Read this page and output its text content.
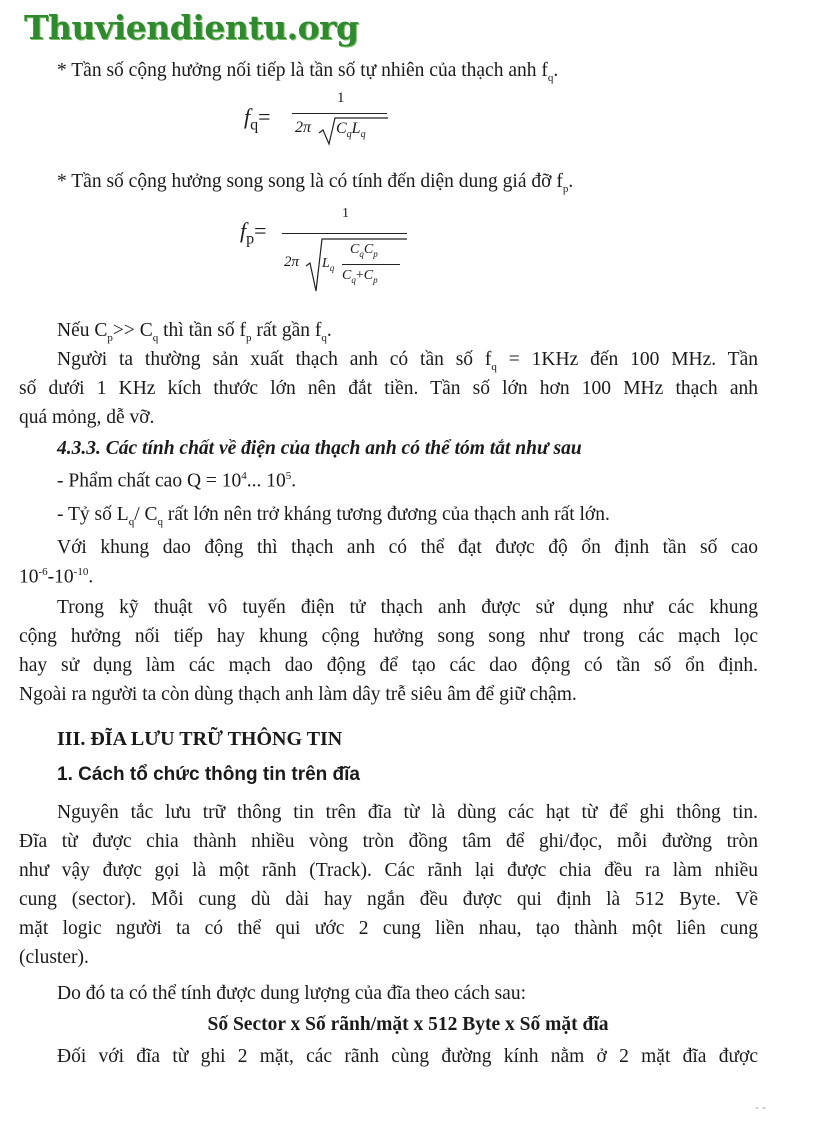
Thuviendientu.org
* Tần số cộng hưởng nối tiếp là tần số tự nhiên của thạch anh $f_q$.
$f_q=$
1
2π $C_qL_q$
* Tần số cộng hưởng song song là có tính đến diện dung giá đỡ $f_p$.
$f_p=$
1
2π $L_q$
$C_qC_p$
$C_q+C_p$
Nếu $C_p>> C_q$ thì tần số $f_p$ rất gần $f_q$.
Người ta thường sản xuất thạch anh có tần số $f_q = 1KHz$ đến 100 MHz. Tần
số dưới 1 KHz kích thước lớn nên đắt tiền. Tần số lớn hơn 100 MHz thạch anh
quá mỏng, dễ vỡ.
4.3.3. Các tính chất về điện của thạch anh có thể tóm tắt như sau
- Phẩm chất cao $Q = 10^4$... $10^5$.
- Tỷ số $L_q/$ $C_q$ rất lớn nên trở kháng tương đương của thạch anh rất lớn.
Với khung dao động thì thạch anh có thể đạt được độ ổn định tần số cao
$10^{-6}-10^{-10}$.
Trong kỹ thuật vô tuyến điện tử thạch anh được sử dụng như các khung
cộng hưởng nối tiếp hay khung cộng hưởng song song như trong các mạch lọc
hay sử dụng làm các mạch dao động để tạo các dao động có tần số ổn định.
Ngoài ra người ta còn dùng thạch anh làm dây trễ siêu âm để giữ chậm.
III. ĐĨA LƯU TRỮ THÔNG TIN
1. Cách tổ chức thông tin trên đĩa
Nguyên tắc lưu trữ thông tin trên đĩa từ là dùng các hạt từ để ghi thông tin.
Đĩa từ được chia thành nhiều vòng tròn đồng tâm để ghi/đọc, mỗi đường tròn
như vậy được gọi là một rãnh (Track). Các rãnh lại được chia đều ra làm nhiều
cung (sector). Mỗi cung dù dài hay ngắn đều được qui định là 512 Byte. Về
mặt logic người ta có thể qui ước 2 cung liền nhau, tạo thành một liên cung
(cluster).
Do đó ta có thể tính được dung lượng của đĩa theo cách sau:
Số Sector x Số rãnh/mặt x 512 Byte x Số mặt đĩa
Đối với đĩa từ ghi 2 mặt, các rãnh cùng đường kính nằm ở 2 mặt đĩa được
- -
